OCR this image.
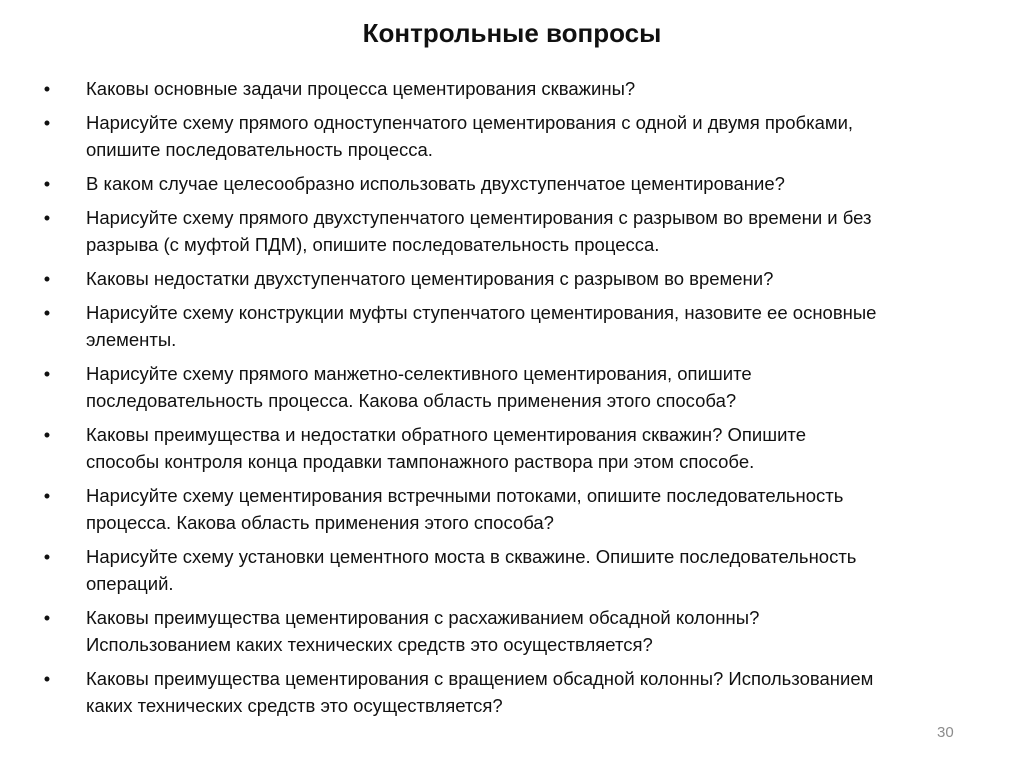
Контрольные вопросы
• Каковы основные задачи процесса цементирования скважины?
• Нарисуйте схему прямого одноступенчатого цементирования с одной и двумя пробками,
опишите последовательность процесса.
• В каком случае целесообразно использовать двухступенчатое цементирование?
• Нарисуйте схему прямого двухступенчатого цементирования с разрывом во времени и без
разрыва (с муфтой ПДМ), опишите последовательность процесса.
• Каковы недостатки двухступенчатого цементирования с разрывом во времени?
• Нарисуйте схему конструкции муфты ступенчатого цементирования, назовите ее основные
элементы.
• Нарисуйте схему прямого манжетно-селективного цементирования, опишите
последовательность процесса. Какова область применения этого способа?
• Каковы преимущества и недостатки обратного цементирования скважин? Опишите
способы контроля конца продавки тампонажного раствора при этом способе.
• Нарисуйте схему цементирования встречными потоками, опишите последовательность
процесса. Какова область применения этого способа?
• Нарисуйте схему установки цементного моста в скважине. Опишите последовательность
операций.
• Каковы преимущества цементирования с расхаживанием обсадной колонны?
Использованием каких технических средств это осуществляется?
• Каковы преимущества цементирования с вращением обсадной колонны? Использованием
каких технических средств это осуществляется?
30
